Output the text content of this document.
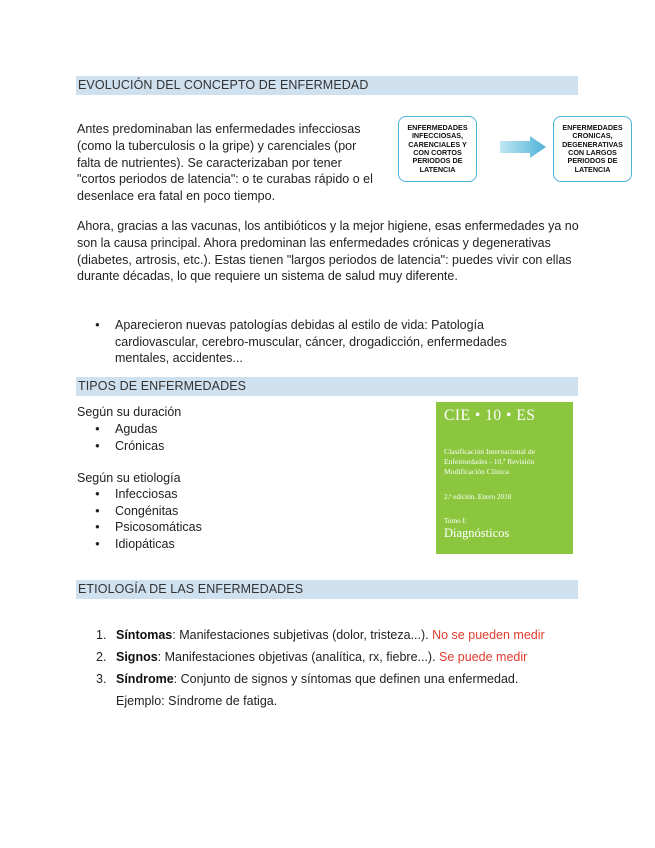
EVOLUCIÓN DEL CONCEPTO DE ENFERMEDAD

Antes predominaban las enfermedades infecciosas (como la tuberculosis o la gripe) y carenciales (por falta de nutrientes). Se caracterizaban por tener "cortos periodos de latencia": o te curabas rápido o el desenlace era fatal en poco tiempo.

ENFERMEDADES INFECCIOSAS, CARENCIALES Y CON CORTOS PERIODOS DE LATENCIA
ENFERMEDADES CRONICAS, DEGENERATIVAS CON LARGOS PERIODOS DE LATENCIA

Ahora, gracias a las vacunas, los antibióticos y la mejor higiene, esas enfermedades ya no son la causa principal. Ahora predominan las enfermedades crónicas y degenerativas (diabetes, artrosis, etc.). Estas tienen "largos periodos de latencia": puedes vivir con ellas durante décadas, lo que requiere un sistema de salud muy diferente.

● Aparecieron nuevas patologías debidas al estilo de vida: Patología cardiovascular, cerebro-muscular, cáncer, drogadicción, enfermedades mentales, accidentes...
TIPOS DE ENFERMEDADES

Según su duración

● Agudas
● Crónicas

Según su etiología

● Infecciosas
● Congénitas
● Psicosomáticas
● Idiopáticas
CIE • 10 • ES
Clasificación Internacional de Enfermedades - 10.ª Revisión Modificación Clínica
2.ª edición. Enero 2018
Tomo I:
Diagnósticos
ETIOLOGÍA DE LAS ENFERMEDADES
1. Síntomas: Manifestaciones subjetivas (dolor, tristeza...). No se pueden medir
2. Signos: Manifestaciones objetivas (analítica, rx, fiebre...). Se puede medir
3. Síndrome: Conjunto de signos y síntomas que definen una enfermedad.
Ejemplo: Síndrome de fatiga.
